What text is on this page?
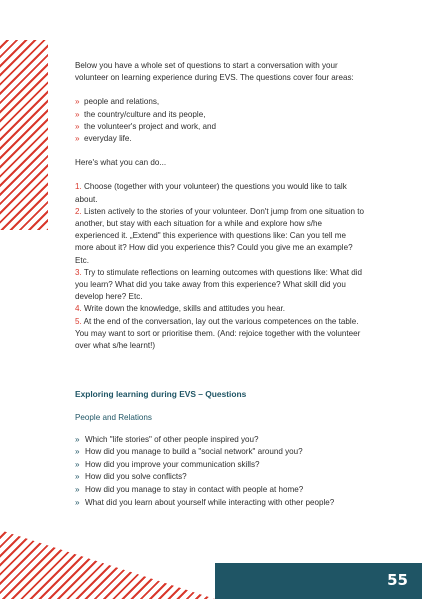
Below you have a whole set of questions to start a conversation with your volunteer on learning experience during EVS. The questions cover four areas:

» people and relations,
» the country/culture and its people,
» the volunteer's project and work, and
» everyday life.

Here's what you can do...

1. Choose (together with your volunteer) the questions you would like to talk about.

2. Listen actively to the stories of your volunteer. Don't jump from one situation to another, but stay with each situation for a while and explore how s/he experienced it. „Extend" this experience with questions like: Can you tell me more about it? How did you experience this? Could you give me an example? Etc.

3. Try to stimulate reflections on learning outcomes with questions like: What did you learn? What did you take away from this experience? What skill did you develop here? Etc.

4. Write down the knowledge, skills and attitudes you hear.

5. At the end of the conversation, lay out the various competences on the table. You may want to sort or prioritise them. (And: rejoice together with the volunteer over what s/he learnt!)

Exploring learning during EVS – Questions

People and Relations

» Which "life stories" of other people inspired you?
» How did you manage to build a "social network" around you?
» How did you improve your communication skills?
» How did you solve conflicts?
» How did you manage to stay in contact with people at home?
» What did you learn about yourself while interacting with other people?
55
